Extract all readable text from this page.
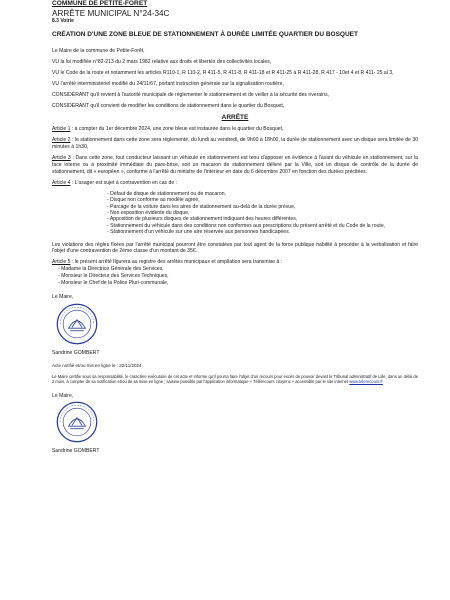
COMMUNE DE PETITE-FORET
ARRÊTE MUNICIPAL N°24-34C
8.3 Voirie
CRÉATION D'UNE ZONE BLEUE DE STATIONNEMENT À DURÉE LIMITÉE QUARTIER DU BOSQUET

Le Maire de la commune de Petite-Forêt,

VU la loi modifiée n°82-213 du 2 mars 1982 relative aux droits et libertés des collectivités locales,

VU le Code de la route et notamment les articles R110-1, R 110-2, R 411-5, R 411-8, R 411-18 et R 411-25 à R 411-28, R 417 - 10et 4 et R 411- 25 al 3,

VU l'arrêté interministériel modifié du 24/11/67, portant instruction générale sur la signalisation routière,

CONSIDÉRANT qu'il revient à l'autorité municipale de réglementer le stationnement et de veiller à la sécurité des riverains,

CONSIDÉRANT qu'il convient de modifier les conditions de stationnement dans le quartier du Bosquet,

ARRÊTE

Article 1 : à compter du 1er décembre 2024, une zone bleue est instaurée dans le quartier du Bosquet,

Article 2 : le stationnement dans cette zone sera réglementé, du lundi au vendredi, de 9h00 à 18h00, la durée de stationnement avec un disque sera limitée de 30 minutes à 1h30,

Article 3 : Dans cette zone, tout conducteur laissant un véhicule en stationnement est tenu d'apposer en évidence à l'avant du véhicule en stationnement, sur la face interne ou à proximité immédiate du pare-brise, soit un macaron de stationnement délivré par la Ville, soit un disque de contrôle de la durée de stationnement, dit « européen », conforme à l'arrêté du ministre de l'intérieur en date du 6 décembre 2007 en fonction des durées précitées.

Article 4 : L'usager est sujet à contravention en cas de :

- Défaut de disque de stationnement ou de macaron,
- Disque non conforme au modèle agréé,
- Parcage de la voiture dans les aires de stationnement au-delà de la durée prévue,
- Non exposition évidente du disque,
- Apposition de plusieurs disques de stationnement indiquant des heures différentes,
- Stationnement du véhicule dans des conditions non conformes aux prescriptions du présent arrêté et du Code de la route,
- Stationnement d'un véhicule sur une aire réservée aux personnes handicapées.

Les violations des règles fixées par l'arrêté municipal pourront être constatées par tout agent de la force publique habilité à procéder à la verbalisation et faire l'objet d'une contravention de 2ème classe d'un montant de 35€.

Article 5 : le présent arrêté figurera au registre des arrêtés municipaux et ampliation sera transmise à :

- Madame la Directrice Générale des Services,
- Monsieur le Directeur des Services Techniques,
- Monsieur le Chef de la Police Pluri-communale,
Le Maire,
Sandrine GOMBERT

Acte notifié et/ou mis en ligne le : 22/11/2024

Le Maire certifie sous sa responsabilité, le caractère exécutoire de cet acte et informe qu'il pourra faire l'objet d'un recours pour excès de pouvoir devant le Tribunal administratif de Lille, dans un délai de 2 mois, à compter de sa notification et/ou de sa mise en ligne ; saisine possible par l'application informatique « Télérecours citoyens » accessible par le site internet www.telerecours.fr

Le Maire,
Sandrine GOMBERT
